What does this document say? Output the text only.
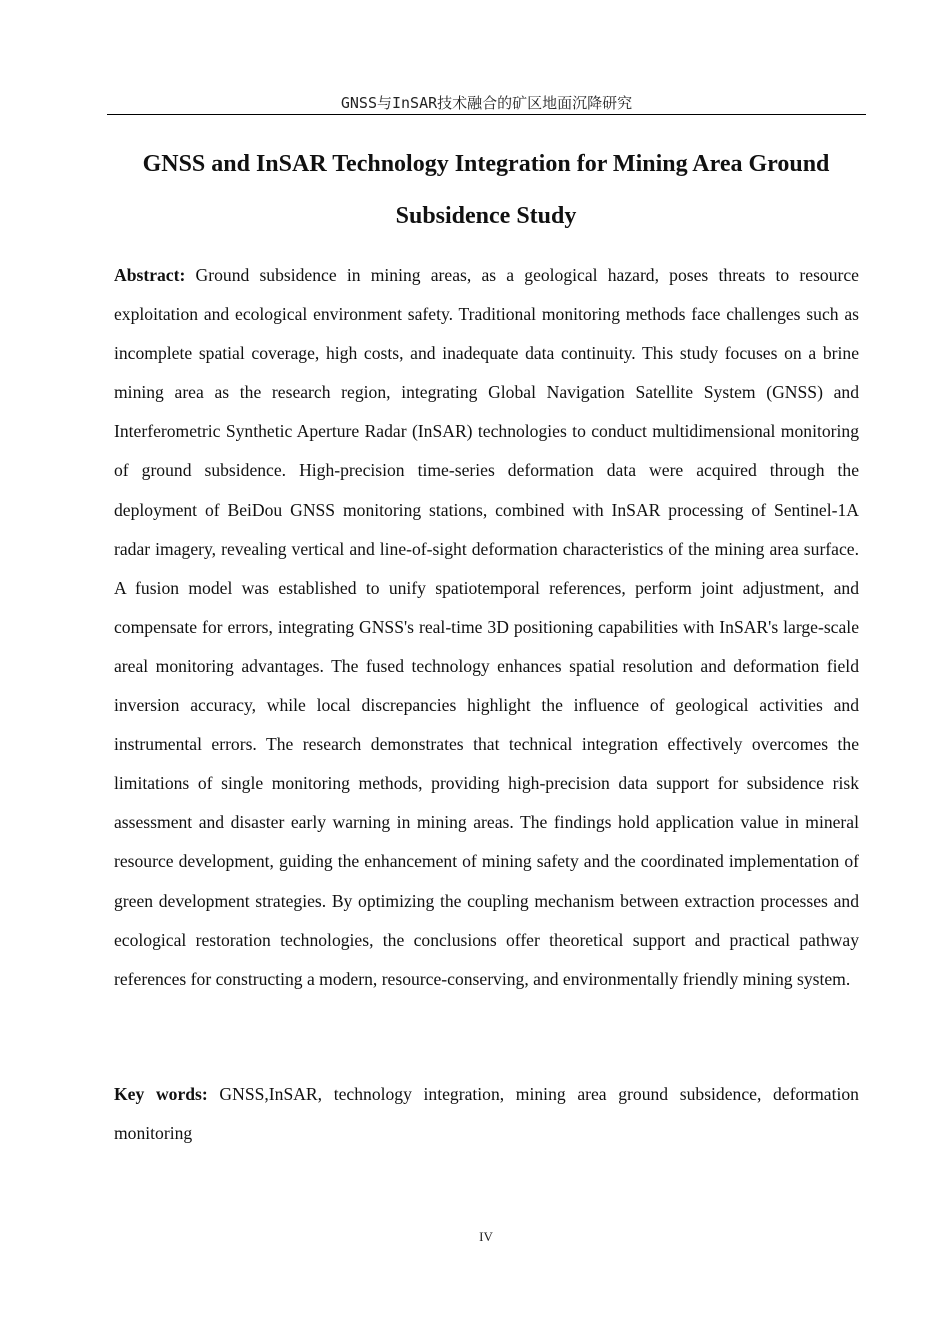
GNSS与InSAR技术融合的矿区地面沉降研究
GNSS and InSAR Technology Integration for Mining Area Ground Subsidence Study

Abstract: Ground subsidence in mining areas, as a geological hazard, poses threats to resource exploitation and ecological environment safety. Traditional monitoring methods face challenges such as incomplete spatial coverage, high costs, and inadequate data continuity. This study focuses on a brine mining area as the research region, integrating Global Navigation Satellite System (GNSS) and Interferometric Synthetic Aperture Radar (InSAR) technologies to conduct multidimensional monitoring of ground subsidence. High-precision time-series deformation data were acquired through the deployment of BeiDou GNSS monitoring stations, combined with InSAR processing of Sentinel-1A radar imagery, revealing vertical and line-of-sight deformation characteristics of the mining area surface. A fusion model was established to unify spatiotemporal references, perform joint adjustment, and compensate for errors, integrating GNSS's real-time 3D positioning capabilities with InSAR's large-scale areal monitoring advantages. The fused technology enhances spatial resolution and deformation field inversion accuracy, while local discrepancies highlight the influence of geological activities and instrumental errors. The research demonstrates that technical integration effectively overcomes the limitations of single monitoring methods, providing high-precision data support for subsidence risk assessment and disaster early warning in mining areas. The findings hold application value in mineral resource development, guiding the enhancement of mining safety and the coordinated implementation of green development strategies. By optimizing the coupling mechanism between extraction processes and ecological restoration technologies, the conclusions offer theoretical support and practical pathway references for constructing a modern, resource-conserving, and environmentally friendly mining system.

Key words: GNSS,InSAR, technology integration, mining area ground subsidence, deformation monitoring

IV
